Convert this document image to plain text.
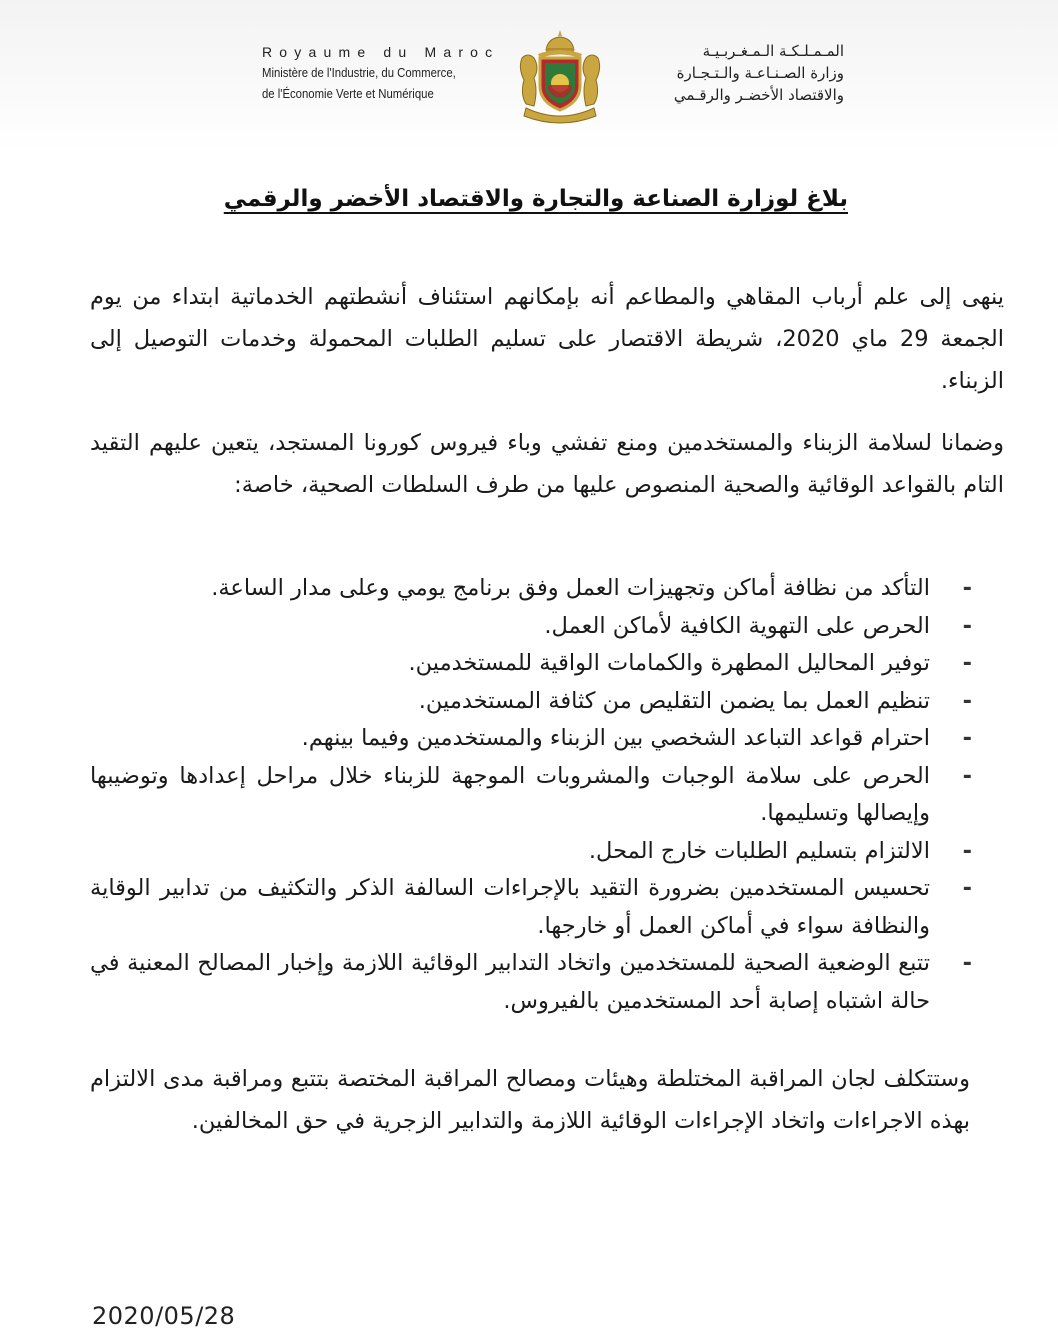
Royaume du Maroc
Ministère de l'Industrie, du Commerce,
de l'Économie Verte et Numérique
المـمـلـكـة الـمـغـربـيـة
وزارة الصـنـاعـة والـتـجـارة
والاقتصاد الأخضـر والرقـمي
بلاغ لوزارة الصناعة والتجارة والاقتصاد الأخضر والرقمي

ينهى إلى علم أرباب المقاهي والمطاعم أنه بإمكانهم استئناف أنشطتهم الخدماتية ابتداء من يوم الجمعة 29 ماي 2020، شريطة الاقتصار على تسليم الطلبات المحمولة وخدمات التوصيل إلى الزبناء.

وضمانا لسلامة الزبناء والمستخدمين ومنع تفشي وباء فيروس كورونا المستجد، يتعين عليهم التقيد التام بالقواعد الوقائية والصحية المنصوص عليها من طرف السلطات الصحية، خاصة:

-
التأكد من نظافة أماكن وتجهيزات العمل وفق برنامج يومي وعلى مدار الساعة.
-
الحرص على التهوية الكافية لأماكن العمل.
-
توفير المحاليل المطهرة والكمامات الواقية للمستخدمين.
-
تنظيم العمل بما يضمن التقليص من كثافة المستخدمين.
-
احترام قواعد التباعد الشخصي بين الزبناء والمستخدمين وفيما بينهم.
-
الحرص على سلامة الوجبات والمشروبات الموجهة للزبناء خلال مراحل إعدادها وتوضيبها وإيصالها وتسليمها.
-
الالتزام بتسليم الطلبات خارج المحل.
-
تحسيس المستخدمين بضرورة التقيد بالإجراءات السالفة الذكر والتكثيف من تدابير الوقاية والنظافة سواء في أماكن العمل أو خارجها.
-
تتبع الوضعية الصحية للمستخدمين واتخاد التدابير الوقائية اللازمة وإخبار المصالح المعنية في حالة اشتباه إصابة أحد المستخدمين بالفيروس.

وستتكلف لجان المراقبة المختلطة وهيئات ومصالح المراقبة المختصة بتتبع ومراقبة مدى الالتزام بهذه الاجراءات واتخاد الإجراءات الوقائية اللازمة والتدابير الزجرية في حق المخالفين.

2020/05/28
